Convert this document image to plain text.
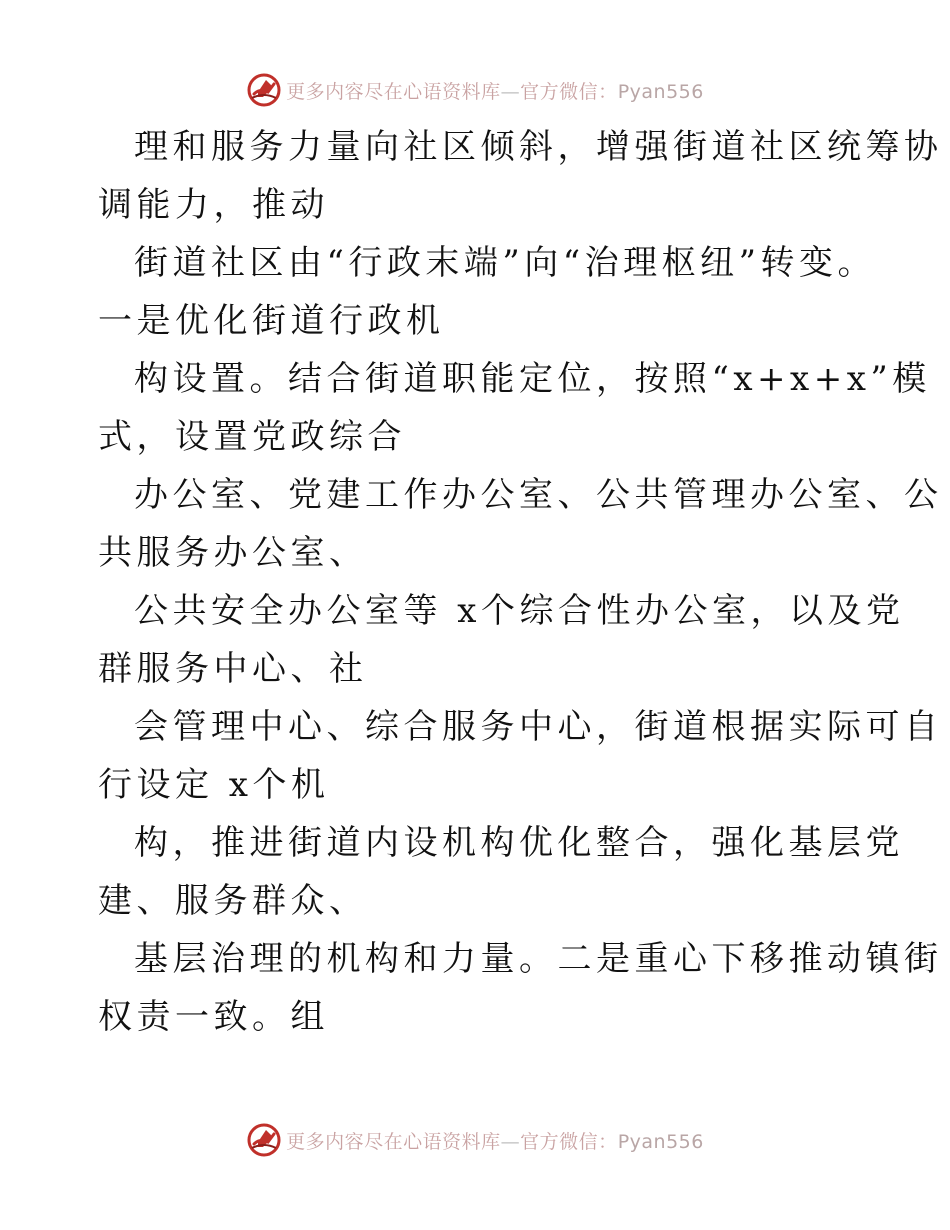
更多内容尽在心语资料库—官方微信：Pyan556
理和服务力量向社区倾斜，增强街道社区统筹协
调能力，推动
街道社区由“行政末端”向“治理枢纽”转变。
一是优化街道行政机
构设置。结合街道职能定位，按照“x+x+x”模
式，设置党政综合
办公室、党建工作办公室、公共管理办公室、公
共服务办公室、
公共安全办公室等 x个综合性办公室，以及党
群服务中心、社
会管理中心、综合服务中心，街道根据实际可自
行设定 x个机
构，推进街道内设机构优化整合，强化基层党
建、服务群众、
基层治理的机构和力量。二是重心下移推动镇街
权责一致。组
更多内容尽在心语资料库—官方微信：Pyan556
